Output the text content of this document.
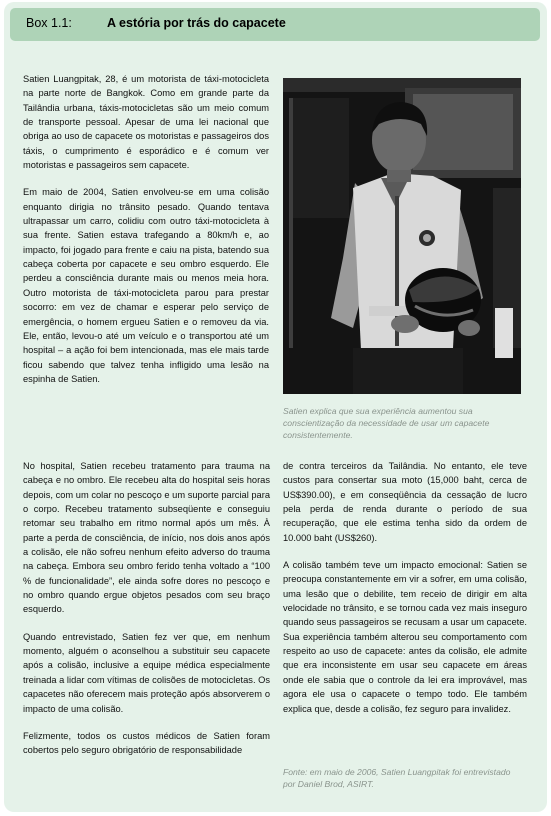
Box 1.1:	A estória por trás do capacete

Satien Luangpitak, 28, é um motorista de táxi-motocicleta na parte norte de Bangkok. Como em grande parte da Tailândia urbana, táxis-motocicletas são um meio comum de transporte pessoal. Apesar de uma lei nacional que obriga ao uso de capacete os motoristas e passageiros dos táxis, o cumprimento é esporádico e é comum ver motoristas e passageiros sem capacete.

Em maio de 2004, Satien envolveu-se em uma colisão enquanto dirigia no trânsito pesado. Quando tentava ultrapassar um carro, colidiu com outro táxi-motocicleta à sua frente. Satien estava trafegando a 80km/h e, ao impacto, foi jogado para frente e caiu na pista, batendo sua cabeça coberta por capacete e seu ombro esquerdo. Ele perdeu a consciência durante mais ou menos meia hora. Outro motorista de táxi-motocicleta parou para prestar socorro: em vez de chamar e esperar pelo serviço de emergência, o homem ergueu Satien e o removeu da via. Ele, então, levou-o até um veículo e o transportou até um hospital – a ação foi bem intencionada, mas ele mais tarde ficou sabendo que talvez tenha infligido uma lesão na espinha de Satien.

Satien explica que sua experiência aumentou sua conscientização da necessidade de usar um capacete consistentemente.

No hospital, Satien recebeu tratamento para trauma na cabeça e no ombro. Ele recebeu alta do hospital seis horas depois, com um colar no pescoço e um suporte parcial para o corpo. Recebeu tratamento subseqüente e conseguiu retomar seu trabalho em ritmo normal após um mês. À parte a perda de consciência, de início, nos dois anos após a colisão, ele não sofreu nenhum efeito adverso do trauma na cabeça. Embora seu ombro ferido tenha voltado a “100 % de funcionalidade”, ele ainda sofre dores no pescoço e no ombro quando ergue objetos pesados com seu braço esquerdo.

Quando entrevistado, Satien fez ver que, em nenhum momento, alguém o aconselhou a substituir seu capacete após a colisão, inclusive a equipe médica especialmente treinada a lidar com vítimas de colisões de motocicletas. Os capacetes não oferecem mais proteção após absorverem o impacto de uma colisão.

Felizmente, todos os custos médicos de Satien foram cobertos pelo seguro obrigatório de responsabilidade

de contra terceiros da Tailândia. No entanto, ele teve custos para consertar sua moto (15,000 baht, cerca de US$390.00), e em conseqüência da cessação de lucro pela perda de renda durante o período de sua recuperação, que ele estima tenha sido da ordem de 10.000 baht (US$260).

A colisão também teve um impacto emocional: Satien se preocupa constantemente em vir a sofrer, em uma colisão, uma lesão que o debilite, tem receio de dirigir em alta velocidade no trânsito, e se tornou cada vez mais inseguro quando seus passageiros se recusam a usar um capacete. Sua experiência também alterou seu comportamento com respeito ao uso de capacete: antes da colisão, ele admite que era inconsistente em usar seu capacete em áreas onde ele sabia que o controle da lei era improvável, mas agora ele usa o capacete o tempo todo. Ele também explica que, desde a colisão, fez seguro para invalidez.

Fonte: em maio de 2006, Satien Luangpitak foi entrevistado por Daniel Brod, ASIRT.
